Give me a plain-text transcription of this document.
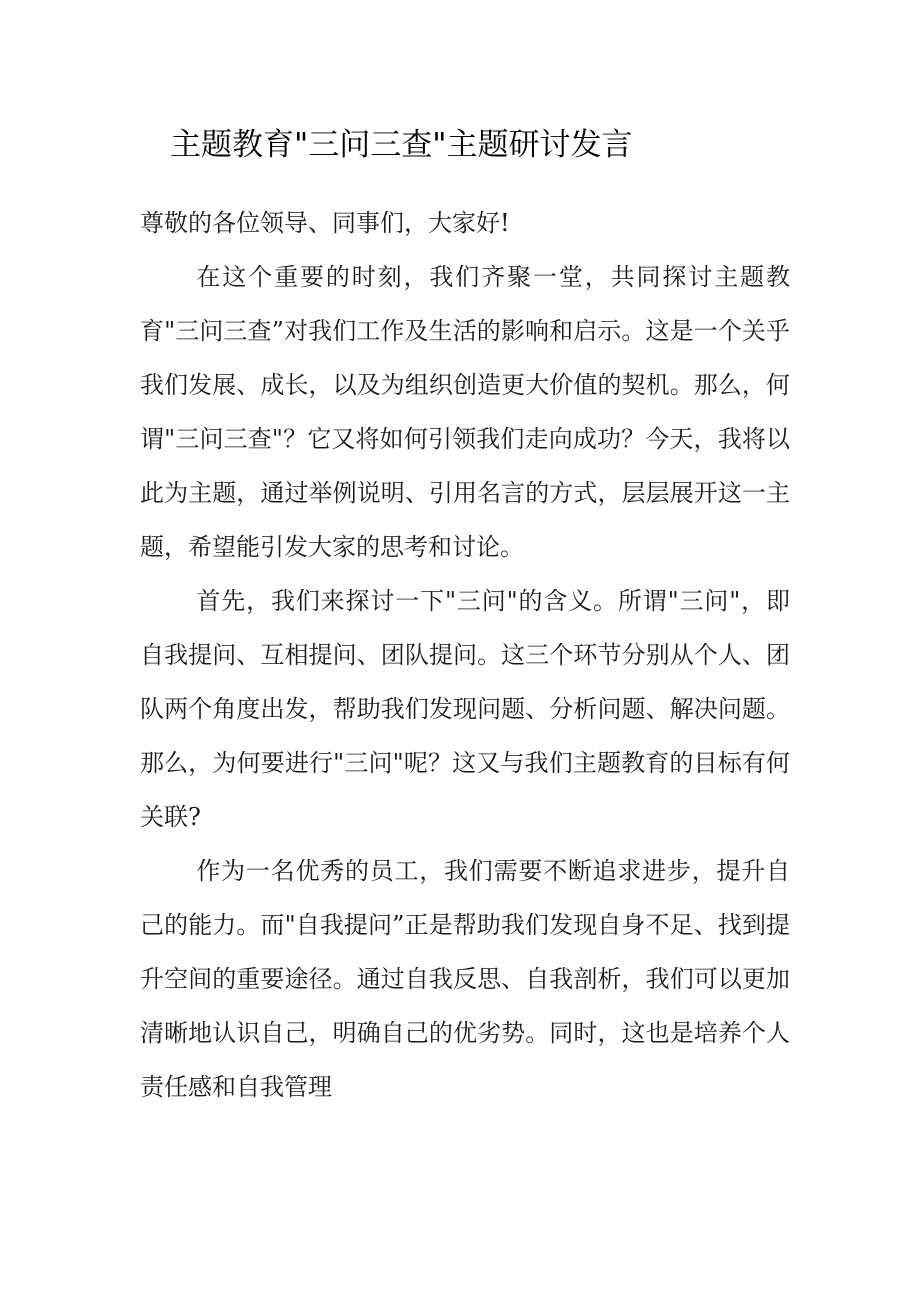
主题教育"三问三查"主题研讨发言

尊敬的各位领导、同事们，大家好!

在这个重要的时刻，我们齐聚一堂，共同探讨主题教育"三问三查”对我们工作及生活的影响和启示。这是一个关乎我们发展、成长，以及为组织创造更大价值的契机。那么，何谓"三问三查"？它又将如何引领我们走向成功？今天，我将以此为主题，通过举例说明、引用名言的方式，层层展开这一主题，希望能引发大家的思考和讨论。

首先，我们来探讨一下"三问"的含义。所谓"三问"，即自我提问、互相提问、团队提问。这三个环节分别从个人、团队两个角度出发，帮助我们发现问题、分析问题、解决问题。那么，为何要进行"三问"呢？这又与我们主题教育的目标有何关联?

作为一名优秀的员工，我们需要不断追求进步，提升自己的能力。而"自我提问”正是帮助我们发现自身不足、找到提升空间的重要途径。通过自我反思、自我剖析，我们可以更加清晰地认识自己，明确自己的优劣势。同时，这也是培养个人责任感和自我管理
